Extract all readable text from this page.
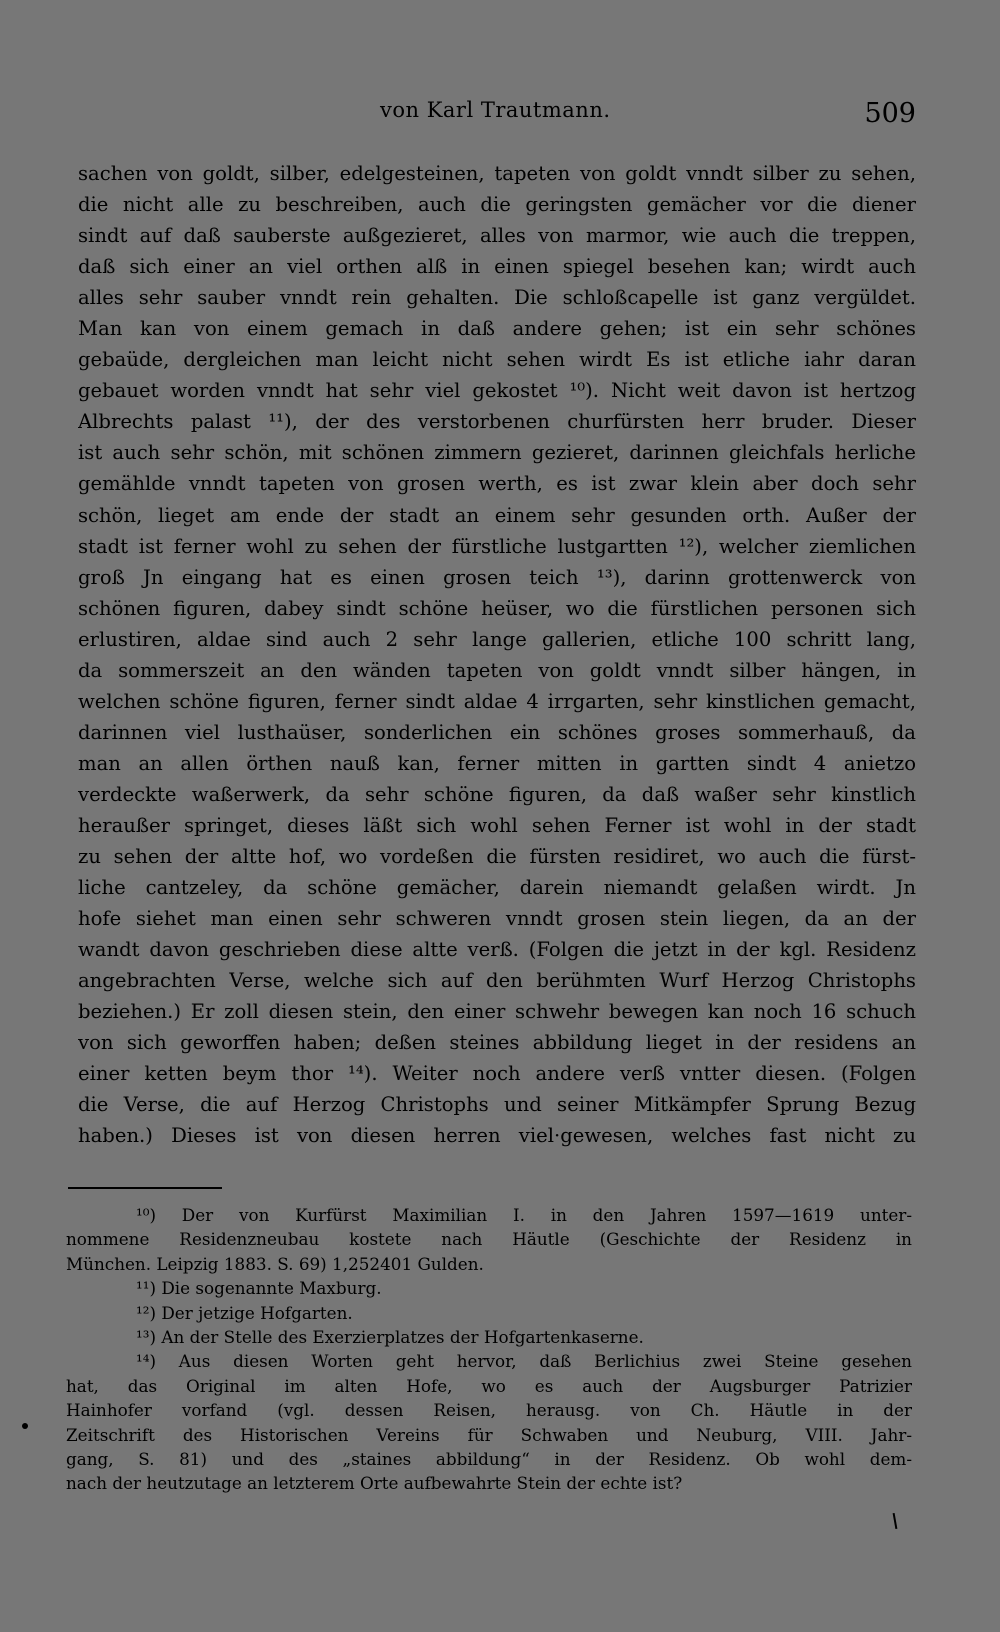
von Karl Trautmann.	509
sachen von goldt, silber, edelgesteinen, tapeten von goldt vnndt silber zu sehen,
die nicht alle zu beschreiben, auch die geringsten gemächer vor die diener
sindt auf daß sauberste außgezieret, alles von marmor, wie auch die treppen,
daß sich einer an viel orthen alß in einen spiegel besehen kan; wirdt auch
alles sehr sauber vnndt rein gehalten. Die schloßcapelle ist ganz vergüldet.
Man kan von einem gemach in daß andere gehen; ist ein sehr schönes
gebaüde, dergleichen man leicht nicht sehen wirdt Es ist etliche iahr daran
gebauet worden vnndt hat sehr viel gekostet ¹⁰). Nicht weit davon ist hertzog
Albrechts palast ¹¹), der des verstorbenen churfürsten herr bruder. Dieser
ist auch sehr schön, mit schönen zimmern gezieret, darinnen gleichfals herliche
gemählde vnndt tapeten von grosen werth, es ist zwar klein aber doch sehr
schön, lieget am ende der stadt an einem sehr gesunden orth. Außer der
stadt ist ferner wohl zu sehen der fürstliche lustgartten ¹²), welcher ziemlichen
groß Jn eingang hat es einen grosen teich ¹³), darinn grottenwerck von
schönen figuren, dabey sindt schöne heüser, wo die fürstlichen personen sich
erlustiren, aldae sind auch 2 sehr lange gallerien, etliche 100 schritt lang,
da sommerszeit an den wänden tapeten von goldt vnndt silber hängen, in
welchen schöne figuren, ferner sindt aldae 4 irrgarten, sehr kinstlichen gemacht,
darinnen viel lusthaüser, sonderlichen ein schönes groses sommerhauß, da
man an allen örthen nauß kan, ferner mitten in gartten sindt 4 anietzo
verdeckte waßerwerk, da sehr schöne figuren, da daß waßer sehr kinstlich
heraußer springet, dieses läßt sich wohl sehen Ferner ist wohl in der stadt
zu sehen der altte hof, wo vordeßen die fürsten residiret, wo auch die fürst-
liche cantzeley, da schöne gemächer, darein niemandt gelaßen wirdt. Jn
hofe siehet man einen sehr schweren vnndt grosen stein liegen, da an der
wandt davon geschrieben diese altte verß. (Folgen die jetzt in der kgl. Residenz
angebrachten Verse, welche sich auf den berühmten Wurf Herzog Christophs
beziehen.) Er zoll diesen stein, den einer schwehr bewegen kan noch 16 schuch
von sich geworffen haben; deßen steines abbildung lieget in der residens an
einer ketten beym thor ¹⁴). Weiter noch andere verß vntter diesen. (Folgen
die Verse, die auf Herzog Christophs und seiner Mitkämpfer Sprung Bezug
haben.) Dieses ist von diesen herren viel·gewesen, welches fast nicht zu
¹⁰) Der von Kurfürst Maximilian I. in den Jahren 1597—1619 unter-
nommene Residenzneubau kostete nach Häutle (Geschichte der Residenz in
München. Leipzig 1883. S. 69) 1,252401 Gulden.
¹¹) Die sogenannte Maxburg.
¹²) Der jetzige Hofgarten.
¹³) An der Stelle des Exerzierplatzes der Hofgartenkaserne.
¹⁴) Aus diesen Worten geht hervor, daß Berlichius zwei Steine gesehen
hat, das Original im alten Hofe, wo es auch der Augsburger Patrizier
Hainhofer vorfand (vgl. dessen Reisen, herausg. von Ch. Häutle in der
Zeitschrift des Historischen Vereins für Schwaben und Neuburg, VIII. Jahr-
gang, S. 81) und des „staines abbildung“ in der Residenz. Ob wohl dem-
nach der heutzutage an letzterem Orte aufbewahrte Stein der echte ist?
